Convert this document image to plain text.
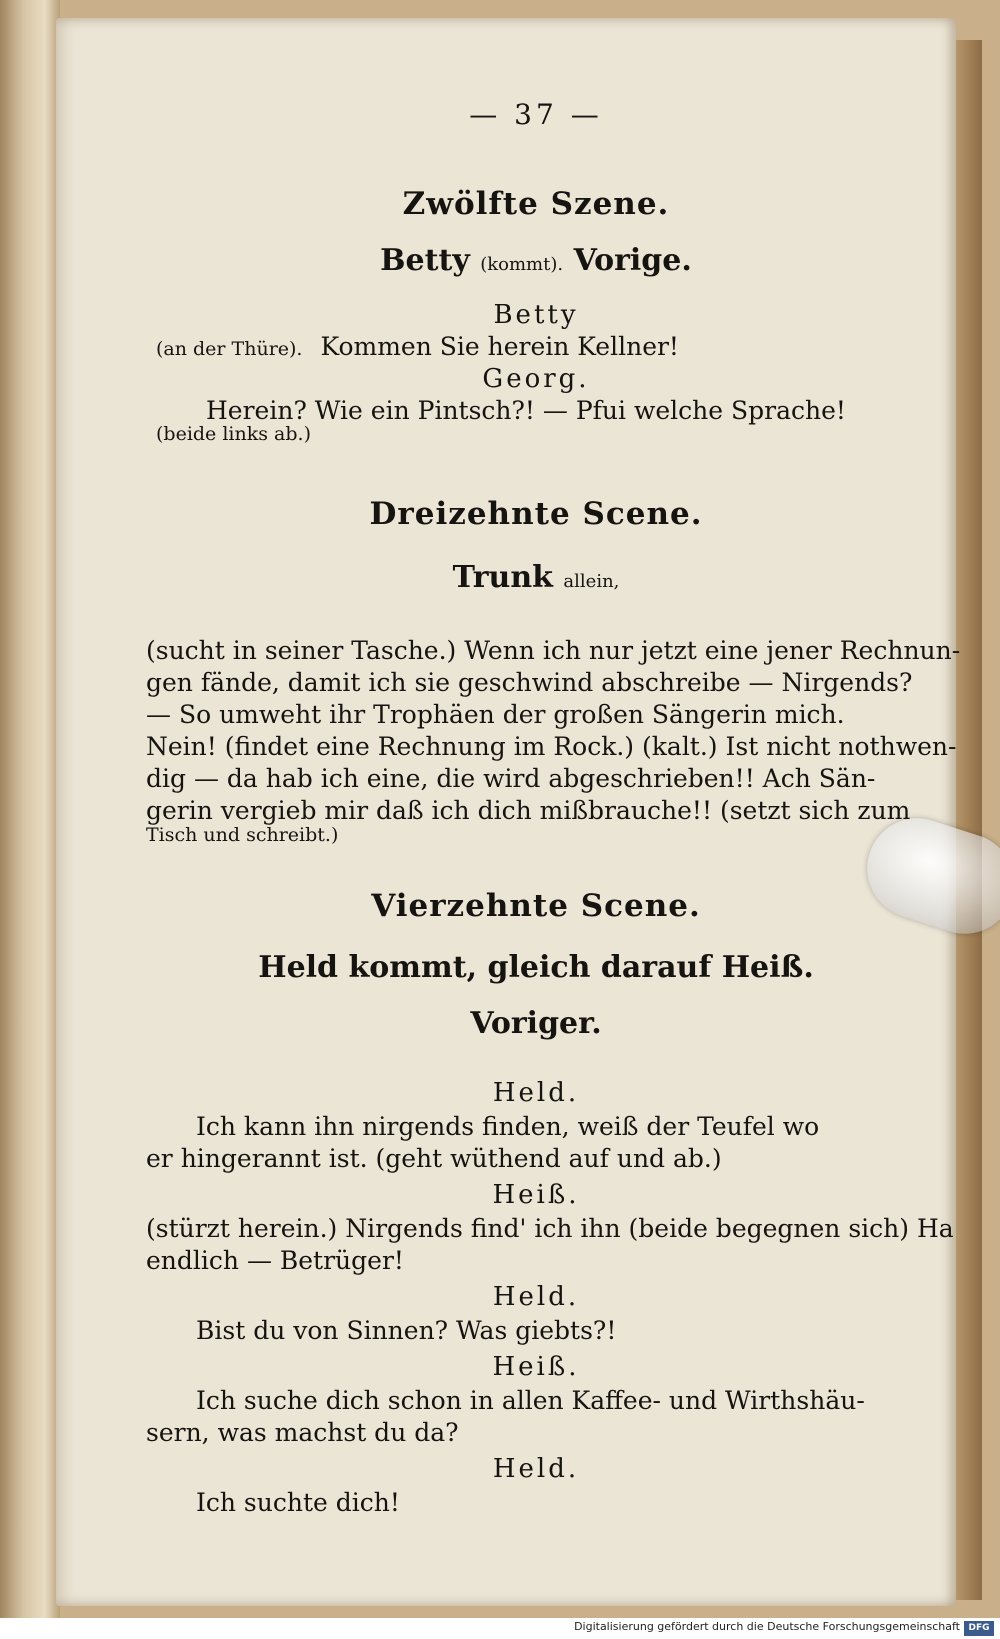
— 37 —
Zwölfte Szene.
Betty (kommt). Vorige.
Betty
(an der Thüre). Kommen Sie herein Kellner!
Georg.
Herein? Wie ein Pintsch?! — Pfui welche Sprache!
(beide links ab.)
Dreizehnte Scene.
Trunk allein,
(sucht in seiner Tasche.) Wenn ich nur jetzt eine jener Rechnun-
gen fände, damit ich sie geschwind abschreibe — Nirgends?
— So umweht ihr Trophäen der großen Sängerin mich.
Nein! (findet eine Rechnung im Rock.) (kalt.) Ist nicht nothwen-
dig — da hab ich eine, die wird abgeschrieben!! Ach Sän-
gerin vergieb mir daß ich dich mißbrauche!! (setzt sich zum
Tisch und schreibt.)
Vierzehnte Scene.
Held kommt, gleich darauf Heiß.
Voriger.
Held.
Ich kann ihn nirgends finden, weiß der Teufel wo
er hingerannt ist. (geht wüthend auf und ab.)
Heiß.
(stürzt herein.) Nirgends find' ich ihn (beide begegnen sich) Ha
endlich — Betrüger!
Held.
Bist du von Sinnen? Was giebts?!
Heiß.
Ich suche dich schon in allen Kaffee- und Wirthshäu-
sern, was machst du da?
Held.
Ich suchte dich!
Digitalisierung gefördert durch die Deutsche Forschungsgemeinschaft DFG
